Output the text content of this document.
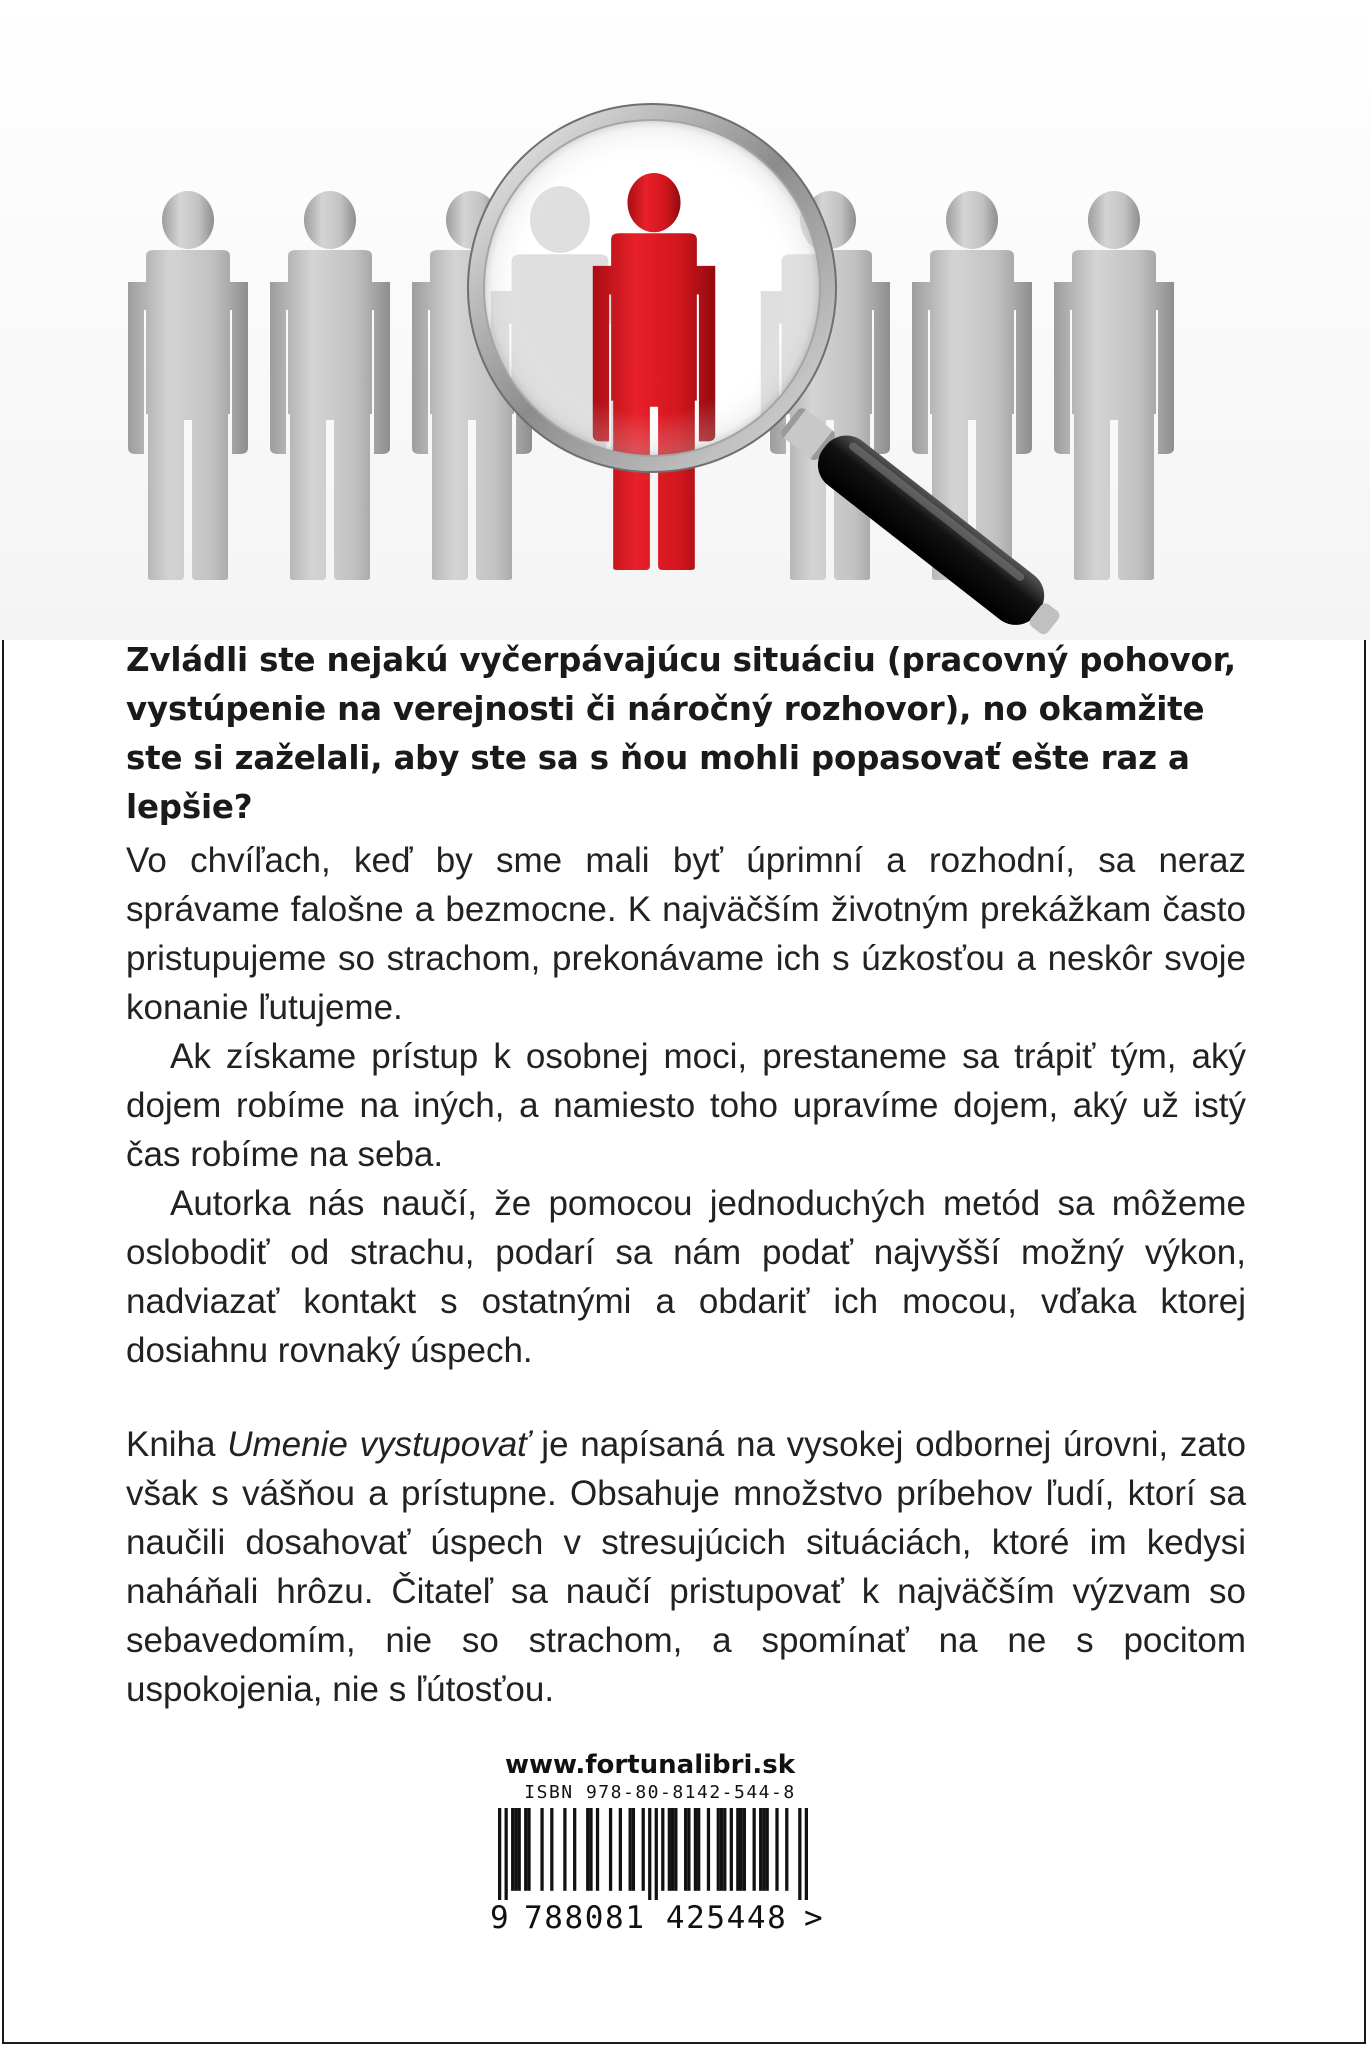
Zvládli ste nejakú vyčerpávajúcu situáciu (pracovný pohovor, vystúpenie na verejnosti či náročný rozhovor), no okamžite ste si zaželali, aby ste sa s ňou mohli popasovať ešte raz a lepšie?

Vo chvíľach, keď by sme mali byť úprimní a rozhodní, sa neraz správame falošne a bezmocne. K najväčším životným prekážkam často pristupujeme so strachom, prekonávame ich s úzkosťou a neskôr svoje konanie ľutujeme.

Ak získame prístup k osobnej moci, prestaneme sa trápiť tým, aký dojem robíme na iných, a namiesto toho upravíme dojem, aký už istý čas robíme na seba.

Autorka nás naučí, že pomocou jednoduchých metód sa môžeme oslobodiť od strachu, podarí sa nám podať najvyšší možný výkon, nadviazať kontakt s ostatnými a obdariť ich mocou, vďaka ktorej dosiahnu rovnaký úspech.

Kniha Umenie vystupovať je napísaná na vysokej odbornej úrovni, zato však s vášňou a prístupne. Obsahuje množstvo príbehov ľudí, ktorí sa naučili dosahovať úspech v stresujúcich situáciách, ktoré im kedysi naháňali hrôzu. Čitateľ sa naučí pristupovať k najväčším výzvam so sebavedomím, nie so strachom, a spomínať na ne s pocitom uspokojenia, nie s ľútosťou.

www.fortunalibri.sk
ISBN 978-80-8142-544-8
9 788081 425448 >
